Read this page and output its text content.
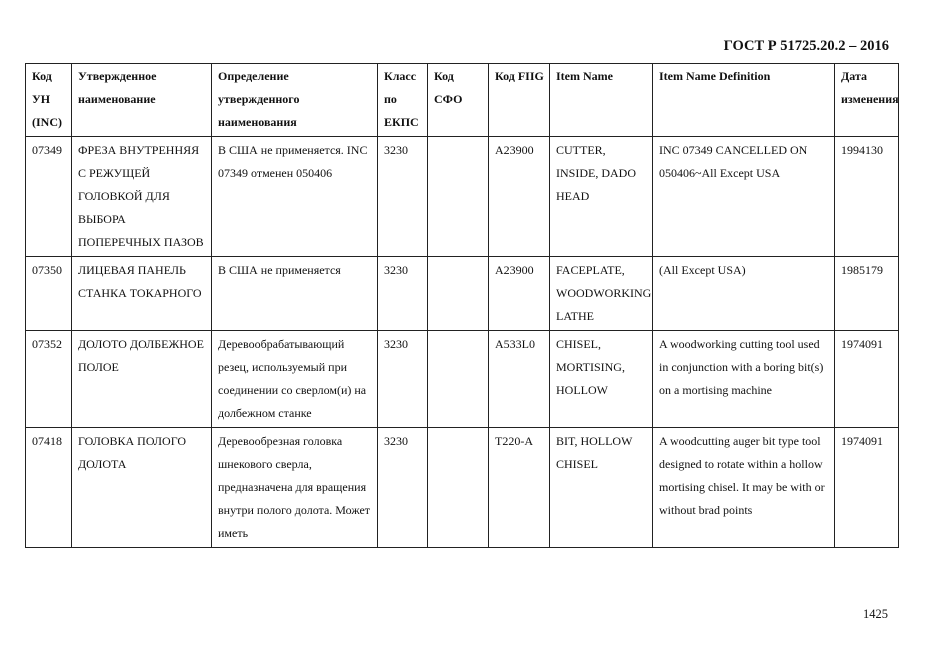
ГОСТ Р 51725.20.2 – 2016
Код УН (INC)	Утвержденное наименование	Определение утвержденного наименования	Класс по ЕКПС	Код СФО	Код FIIG	Item Name	Item Name Definition	Дата изменения
07349	ФРЕЗА ВНУТРЕННЯЯ С РЕЖУЩЕЙ ГОЛОВКОЙ ДЛЯ ВЫБОРА ПОПЕРЕЧНЫХ ПАЗОВ	В США не применяется. INC 07349 отменен 050406	3230		A23900	CUTTER, INSIDE, DADO HEAD	INC 07349 CANCELLED ON 050406~All Except USA	1994130
07350	ЛИЦЕВАЯ ПАНЕЛЬ СТАНКА ТОКАРНОГО	В США не применяется	3230		A23900	FACEPLATE, WOODWORKING LATHE	(All Except USA)	1985179
07352	ДОЛОТО ДОЛБЕЖНОЕ ПОЛОЕ	Деревообрабатывающий резец, используемый при соединении со сверлом(и) на долбежном станке	3230		A533L0	CHISEL, MORTISING, HOLLOW	A woodworking cutting tool used in conjunction with a boring bit(s) on a mortising machine	1974091
07418	ГОЛОВКА ПОЛОГО ДОЛОТА	Деревообрезная головка шнекового сверла, предназначена для вращения внутри полого долота. Может иметь	3230		T220-A	BIT, HOLLOW CHISEL	A woodcutting auger bit type tool designed to rotate within a hollow mortising chisel. It may be with or without brad points	1974091
1425
